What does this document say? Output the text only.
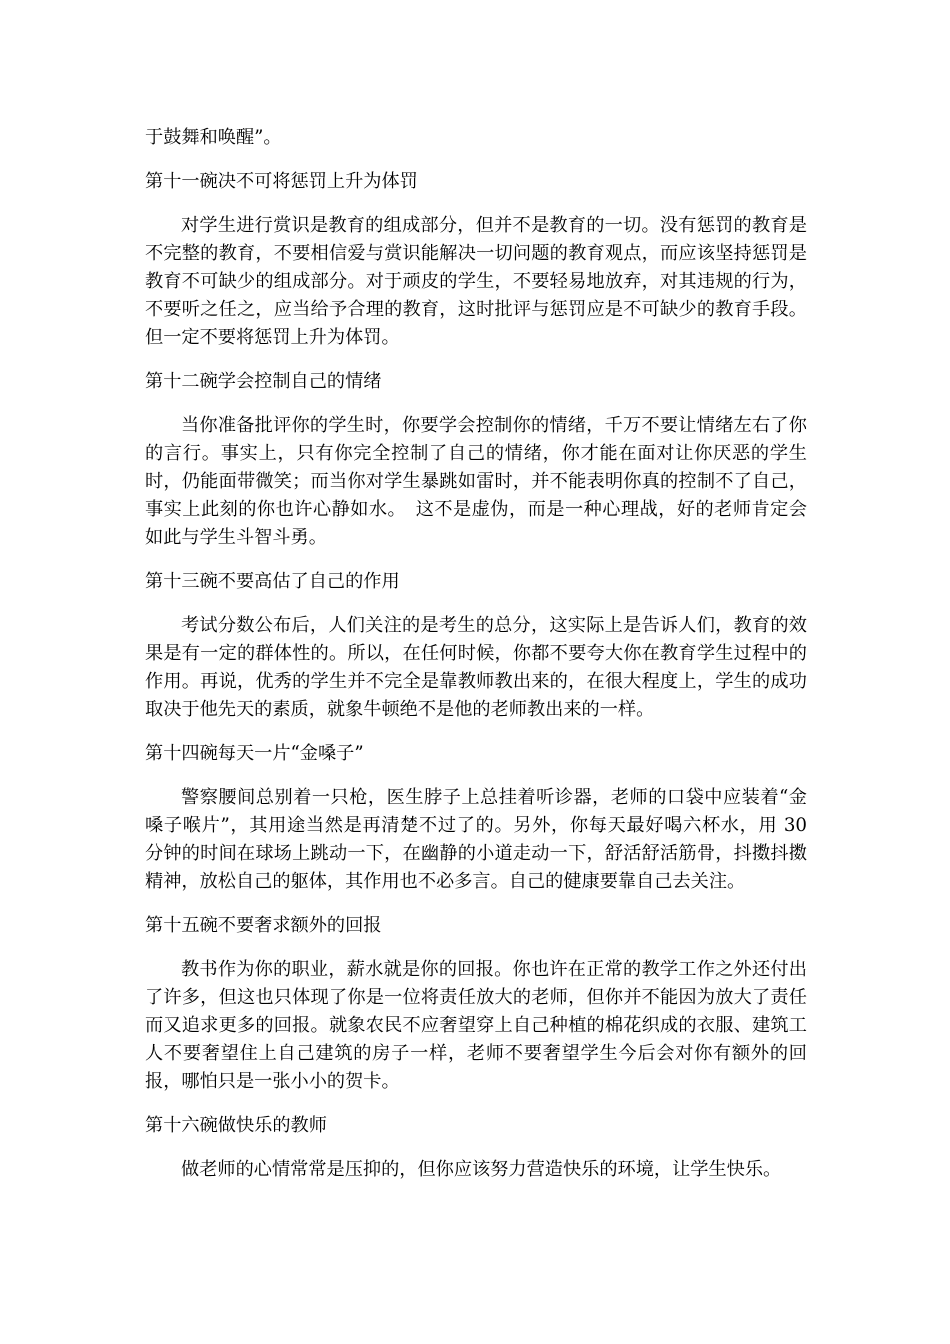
于鼓舞和唤醒”。

第十一碗决不可将惩罚上升为体罚

对学生进行赏识是教育的组成部分，但并不是教育的一切。没有惩罚的教育是不完整的教育，不要相信爱与赏识能解决一切问题的教育观点，而应该坚持惩罚是教育不可缺少的组成部分。对于顽皮的学生，不要轻易地放弃，对其违规的行为，不要听之任之，应当给予合理的教育，这时批评与惩罚应是不可缺少的教育手段。但一定不要将惩罚上升为体罚。

第十二碗学会控制自己的情绪

当你准备批评你的学生时，你要学会控制你的情绪，千万不要让情绪左右了你的言行。事实上，只有你完全控制了自己的情绪，你才能在面对让你厌恶的学生时，仍能面带微笑；而当你对学生暴跳如雷时，并不能表明你真的控制不了自己，事实上此刻的你也许心静如水。　这不是虚伪，而是一种心理战，好的老师肯定会如此与学生斗智斗勇。

第十三碗不要高估了自己的作用

考试分数公布后，人们关注的是考生的总分，这实际上是告诉人们，教育的效果是有一定的群体性的。所以，在任何时候，你都不要夸大你在教育学生过程中的作用。再说，优秀的学生并不完全是靠教师教出来的，在很大程度上，学生的成功取决于他先天的素质，就象牛顿绝不是他的老师教出来的一样。

第十四碗每天一片“金嗓子”

警察腰间总别着一只枪，医生脖子上总挂着听诊器，老师的口袋中应装着“金嗓子喉片”，其用途当然是再清楚不过了的。另外，你每天最好喝六杯水，用 30 分钟的时间在球场上跳动一下，在幽静的小道走动一下，舒活舒活筋骨，抖擞抖擞精神，放松自己的躯体，其作用也不必多言。自己的健康要靠自己去关注。

第十五碗不要奢求额外的回报

教书作为你的职业，薪水就是你的回报。你也许在正常的教学工作之外还付出了许多，但这也只体现了你是一位将责任放大的老师，但你并不能因为放大了责任而又追求更多的回报。就象农民不应奢望穿上自己种植的棉花织成的衣服、建筑工人不要奢望住上自己建筑的房子一样，老师不要奢望学生今后会对你有额外的回报，哪怕只是一张小小的贺卡。

第十六碗做快乐的教师

做老师的心情常常是压抑的，但你应该努力营造快乐的环境，让学生快乐。
